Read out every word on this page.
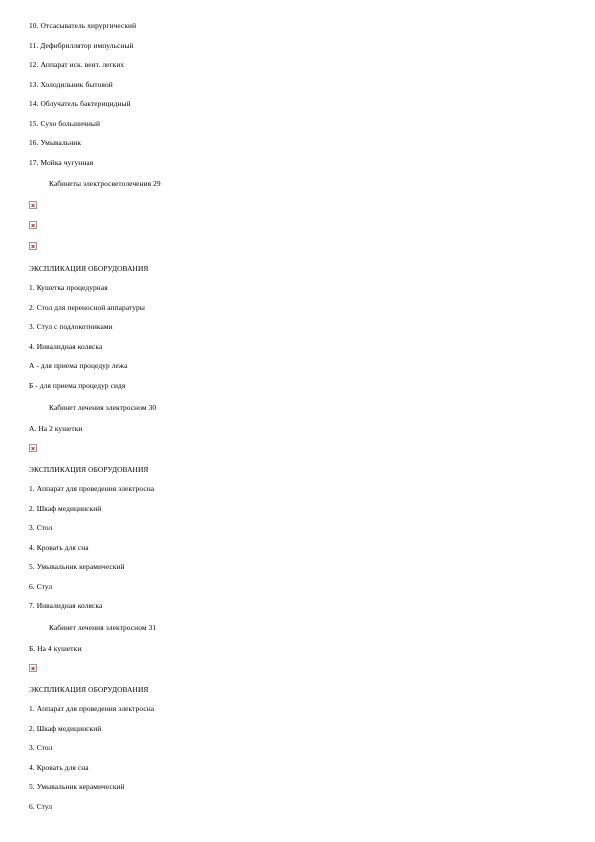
10. Отсасыватель хирургический
11. Дефибриллятор импульсный
12. Аппарат иск. вент. легких
13. Холодильник бытовой
14. Облучатель бактерицидный
15. Сухо большичный
16. Умывальник
17. Мойка чугунная
Кабинеты электросветолечения 29
ЭКСПЛИКАЦИЯ ОБОРУДОВАНИЯ
1. Кушетка процедурная
2. Стол для переносной аппаратуры
3. Стул с подлокотниками
4. Инвалидная коляска
А - для приема процедур лежа
Б - для приема процедур сидя
Кабинет лечения электросном 30
А. На 2 кушетки
ЭКСПЛИКАЦИЯ ОБОРУДОВАНИЯ
1. Аппарат для проведения электросна
2. Шкаф медицинский
3. Стол
4. Кровать для сна
5. Умывальник керамический
6. Стул
7. Инвалидная коляска
Кабинет лечения электросном 31
Б. На 4 кушетки
ЭКСПЛИКАЦИЯ ОБОРУДОВАНИЯ
1. Аппарат для проведения электросна
2. Шкаф медицинский
3. Стол
4. Кровать для сна
5. Умывальник керамический
6. Стул
